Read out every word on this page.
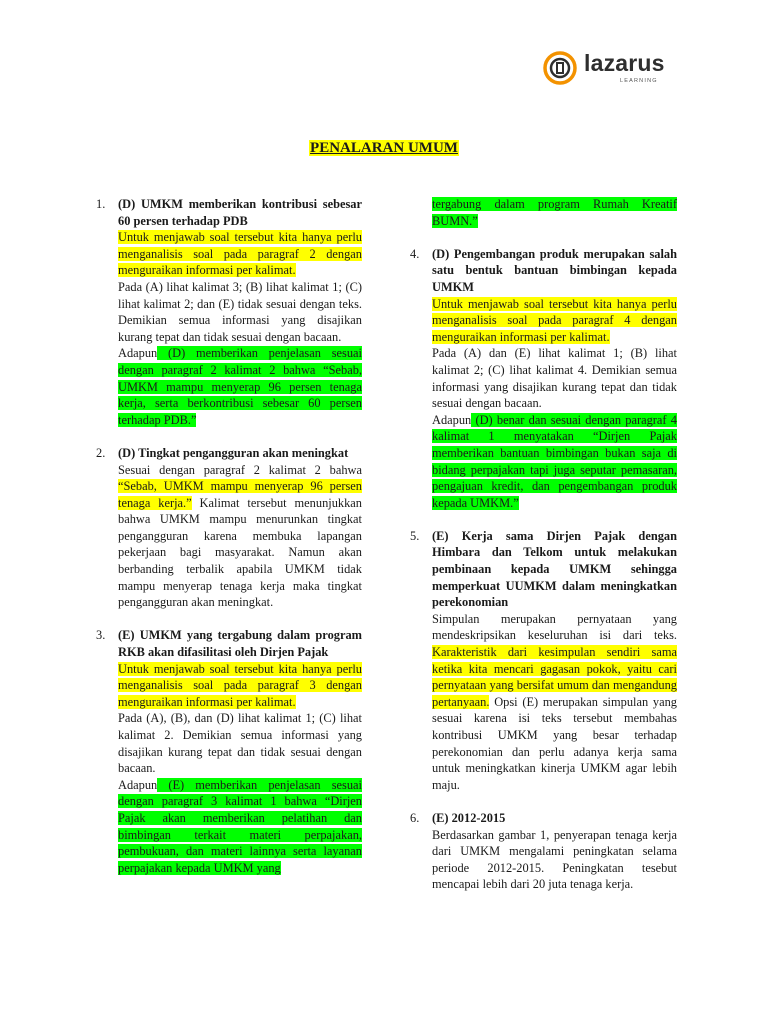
lazarus
LEARNING
PENALARAN UMUM
1. (D) UMKM memberikan kontribusi sebesar 60 persen terhadap PDB
Untuk menjawab soal tersebut kita hanya perlu menganalisis soal pada paragraf 2 dengan menguraikan informasi per kalimat.
Pada (A) lihat kalimat 3; (B) lihat kalimat 1; (C) lihat kalimat 2; dan (E) tidak sesuai dengan teks. Demikian semua informasi yang disajikan kurang tepat dan tidak sesuai dengan bacaan.
Adapun (D) memberikan penjelasan sesuai dengan paragraf 2 kalimat 2 bahwa “Sebab, UMKM mampu menyerap 96 persen tenaga kerja, serta berkontribusi sebesar 60 persen terhadap PDB.”
2. (D) Tingkat pengangguran akan meningkat
Sesuai dengan paragraf 2 kalimat 2 bahwa “Sebab, UMKM mampu menyerap 96 persen tenaga kerja.” Kalimat tersebut menunjukkan bahwa UMKM mampu menurunkan tingkat pengangguran karena membuka lapangan pekerjaan bagi masyarakat. Namun akan berbanding terbalik apabila UMKM tidak mampu menyerap tenaga kerja maka tingkat pengangguran akan meningkat.
3. (E) UMKM yang tergabung dalam program RKB akan difasilitasi oleh Dirjen Pajak
Untuk menjawab soal tersebut kita hanya perlu menganalisis soal pada paragraf 3 dengan menguraikan informasi per kalimat.
Pada (A), (B), dan (D) lihat kalimat 1; (C) lihat kalimat 2. Demikian semua informasi yang disajikan kurang tepat dan tidak sesuai dengan bacaan.
Adapun (E) memberikan penjelasan sesuai dengan paragraf 3 kalimat 1 bahwa “Dirjen Pajak akan memberikan pelatihan dan bimbingan terkait materi perpajakan, pembukuan, dan materi lainnya serta layanan perpajakan kepada UMKM yang
tergabung dalam program Rumah Kreatif BUMN.”
4. (D) Pengembangan produk merupakan salah satu bentuk bantuan bimbingan kepada UMKM
Untuk menjawab soal tersebut kita hanya perlu menganalisis soal pada paragraf 4 dengan menguraikan informasi per kalimat.
Pada (A) dan (E) lihat kalimat 1; (B) lihat kalimat 2; (C) lihat kalimat 4. Demikian semua informasi yang disajikan kurang tepat dan tidak sesuai dengan bacaan.
Adapun (D) benar dan sesuai dengan paragraf 4 kalimat 1 menyatakan “Dirjen Pajak memberikan bantuan bimbingan bukan saja di bidang perpajakan tapi juga seputar pemasaran, pengajuan kredit, dan pengembangan produk kepada UMKM.”
5. (E) Kerja sama Dirjen Pajak dengan Himbara dan Telkom untuk melakukan pembinaan kepada UMKM sehingga memperkuat UUMKM dalam meningkatkan perekonomian
Simpulan merupakan pernyataan yang mendeskripsikan keseluruhan isi dari teks. Karakteristik dari kesimpulan sendiri sama ketika kita mencari gagasan pokok, yaitu cari pernyataan yang bersifat umum dan mengandung pertanyaan. Opsi (E) merupakan simpulan yang sesuai karena isi teks tersebut membahas kontribusi UMKM yang besar terhadap perekonomian dan perlu adanya kerja sama untuk meningkatkan kinerja UMKM agar lebih maju.
6. (E) 2012-2015
Berdasarkan gambar 1, penyerapan tenaga kerja dari UMKM mengalami peningkatan selama periode 2012-2015. Peningkatan tesebut mencapai lebih dari 20 juta tenaga kerja.
